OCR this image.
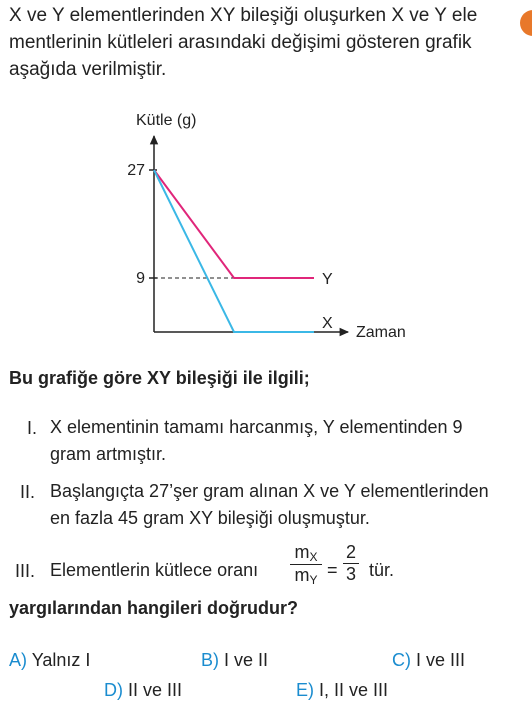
X ve Y elementlerinden XY bileşiği oluşurken X ve Y ele
mentlerinin kütleleri arasındaki değişimi gösteren grafik
aşağıda verilmiştir.

Kütle (g)
Zaman
27
9	Y
X

Bu grafiğe göre XY bileşiği ile ilgili;

I. X elementinin tamamı harcanmış, Y elementinden 9
gram artmıştır.

II. Başlangıçta 27’şer gram alınan X ve Y elementlerinden
en fazla 45 gram XY bileşiği oluşmuştur.

III. Elementlerin kütlece oranı
$m_X$
$m_Y$
=
2
3 tür.

yargılarından hangileri doğrudur?

A) Yalnız I	B) I ve II	C) I ve III
D) II ve III	E) I, II ve III
